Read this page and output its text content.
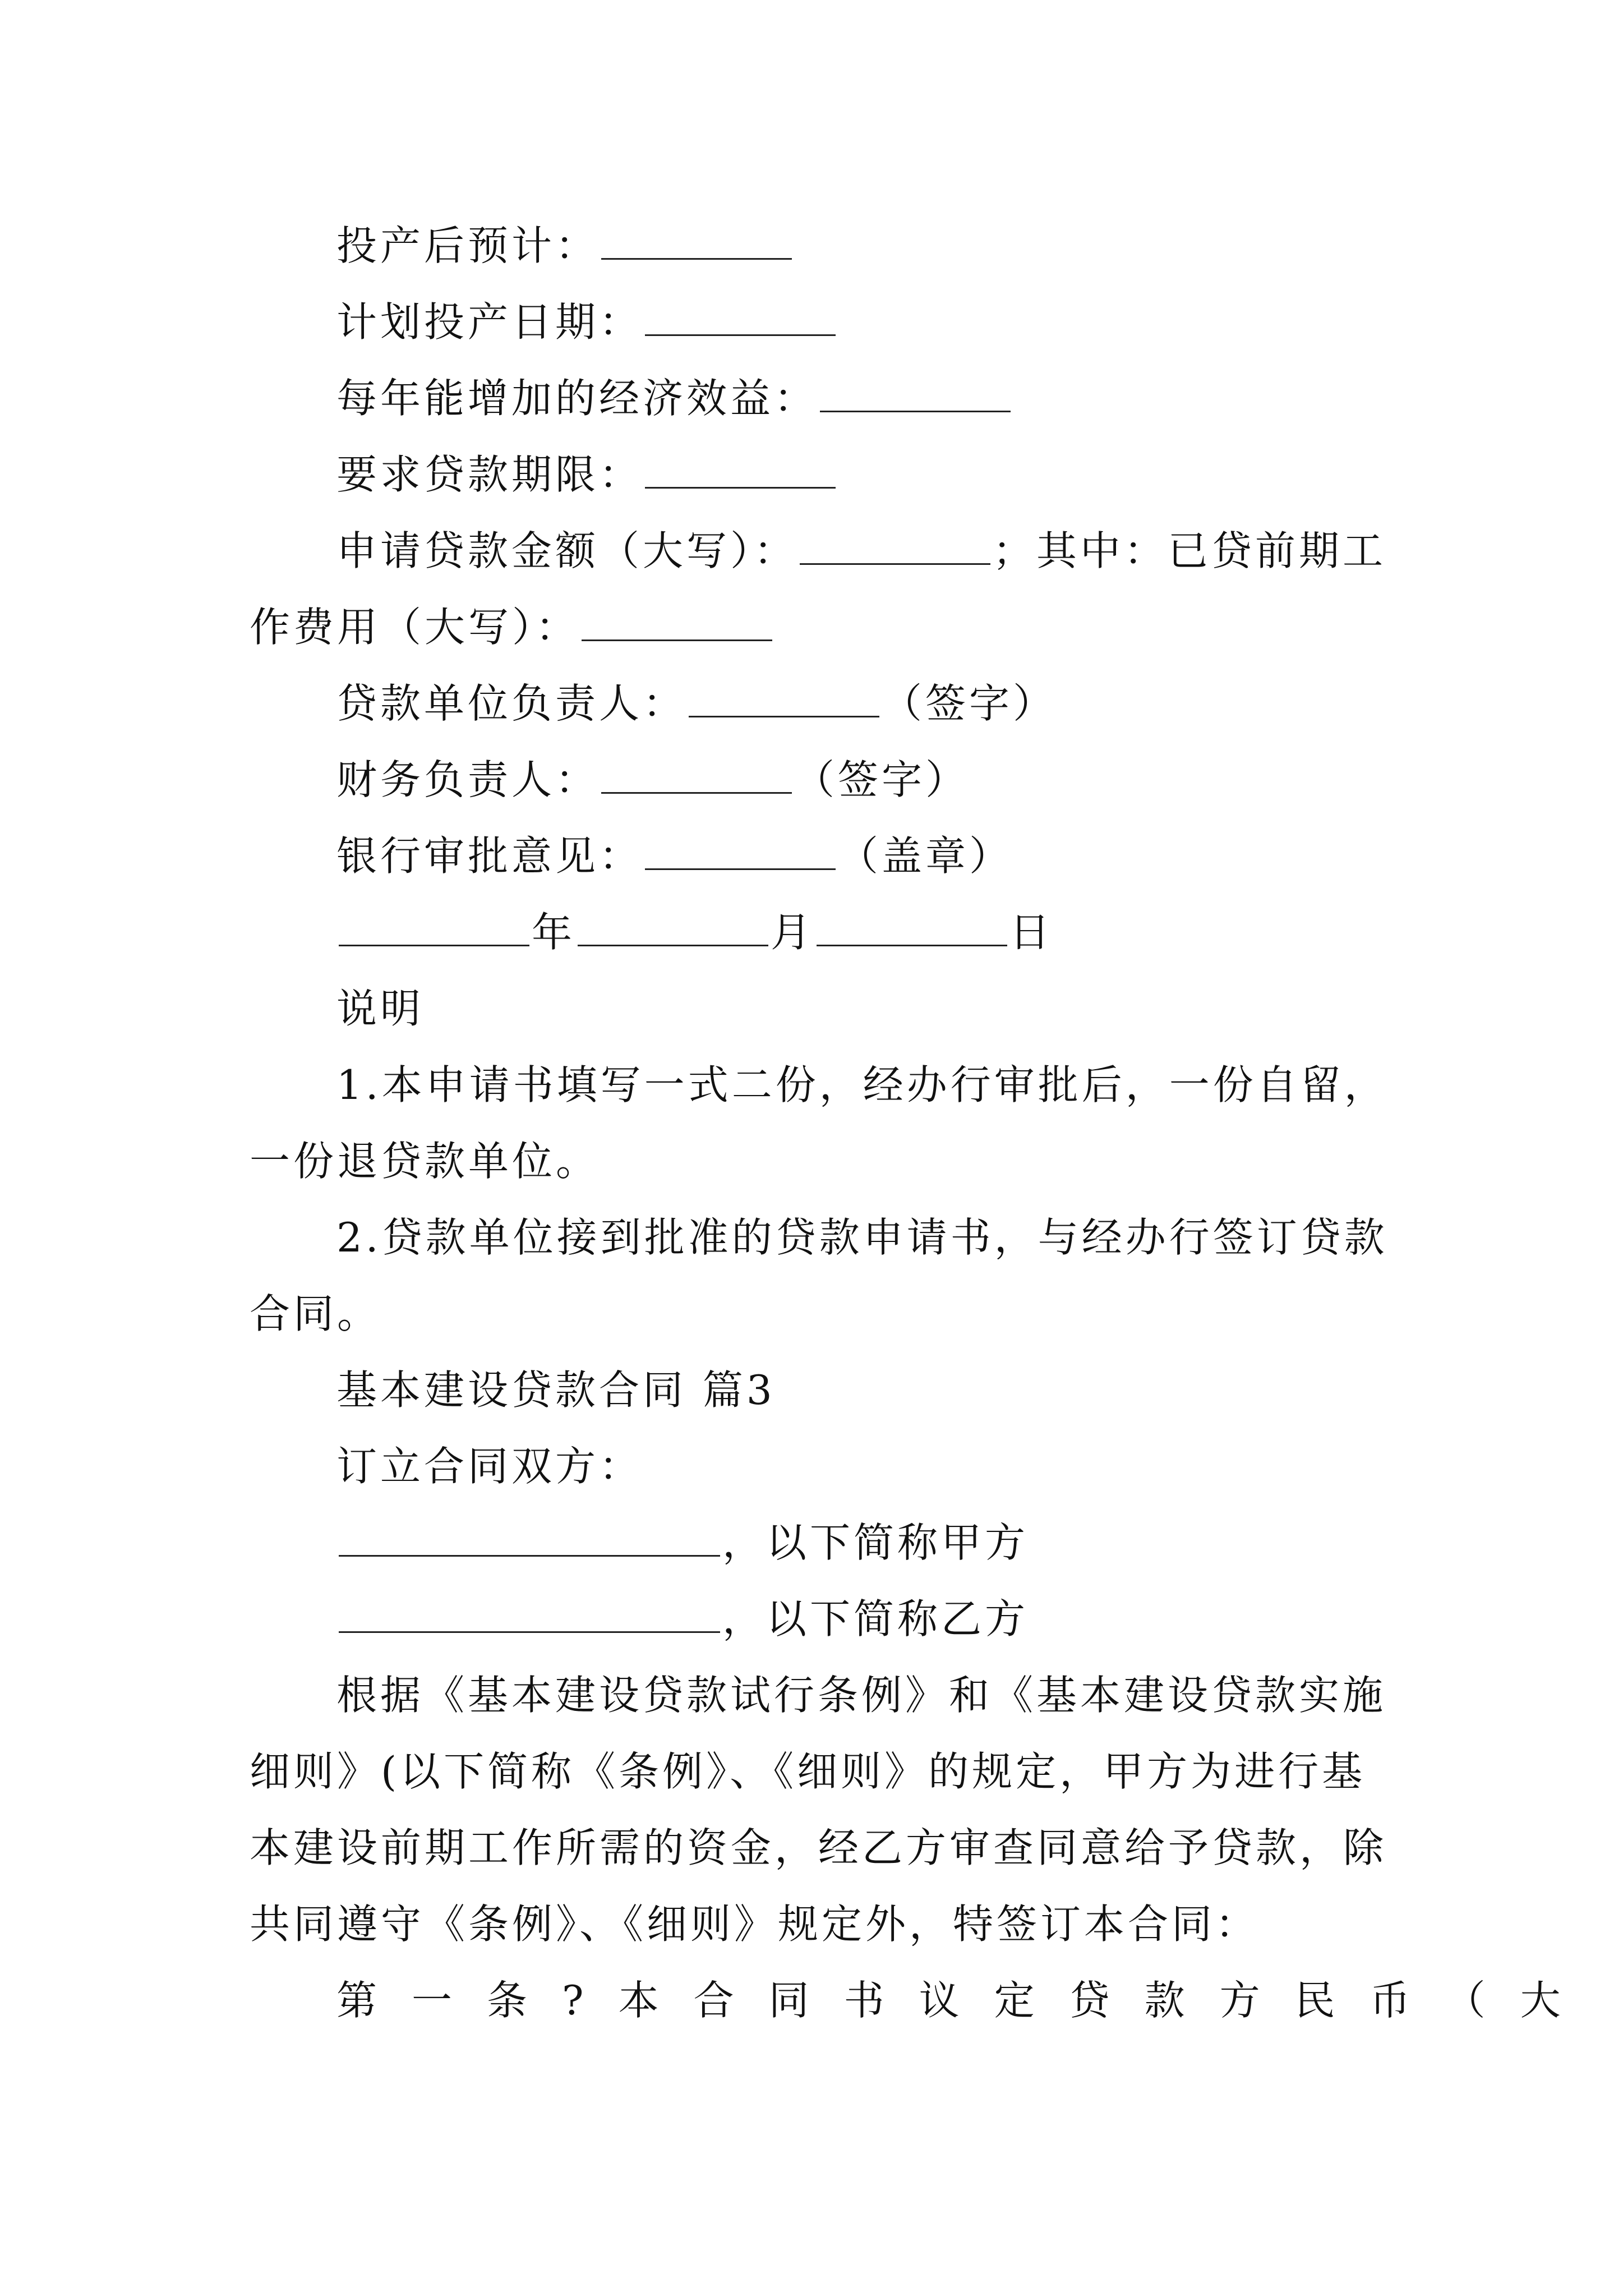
投产后预计：
计划投产日期：
每年能增加的经济效益：
要求贷款期限：
申请贷款金额（大写）：	；其中：已贷前期工
作费用（大写）：
贷款单位负责人：	（签字）
财务负责人：	（签字）
银行审批意见：	（盖章）
年	月	日
说明
1.本申请书填写一式二份，经办行审批后，一份自留，
一份退贷款单位。
2.贷款单位接到批准的贷款申请书，与经办行签订贷款
合同。
基本建设贷款合同 篇3
订立合同双方：
，以下简称甲方
，以下简称乙方
根据《基本建设贷款试行条例》和《基本建设贷款实施
细则》(以下简称《条例》、《细则》的规定，甲方为进行基
本建设前期工作所需的资金，经乙方审查同意给予贷款，除
共同遵守《条例》、《细则》规定外，特签订本合同：
第一条?本合同书议定贷款方民币（大
